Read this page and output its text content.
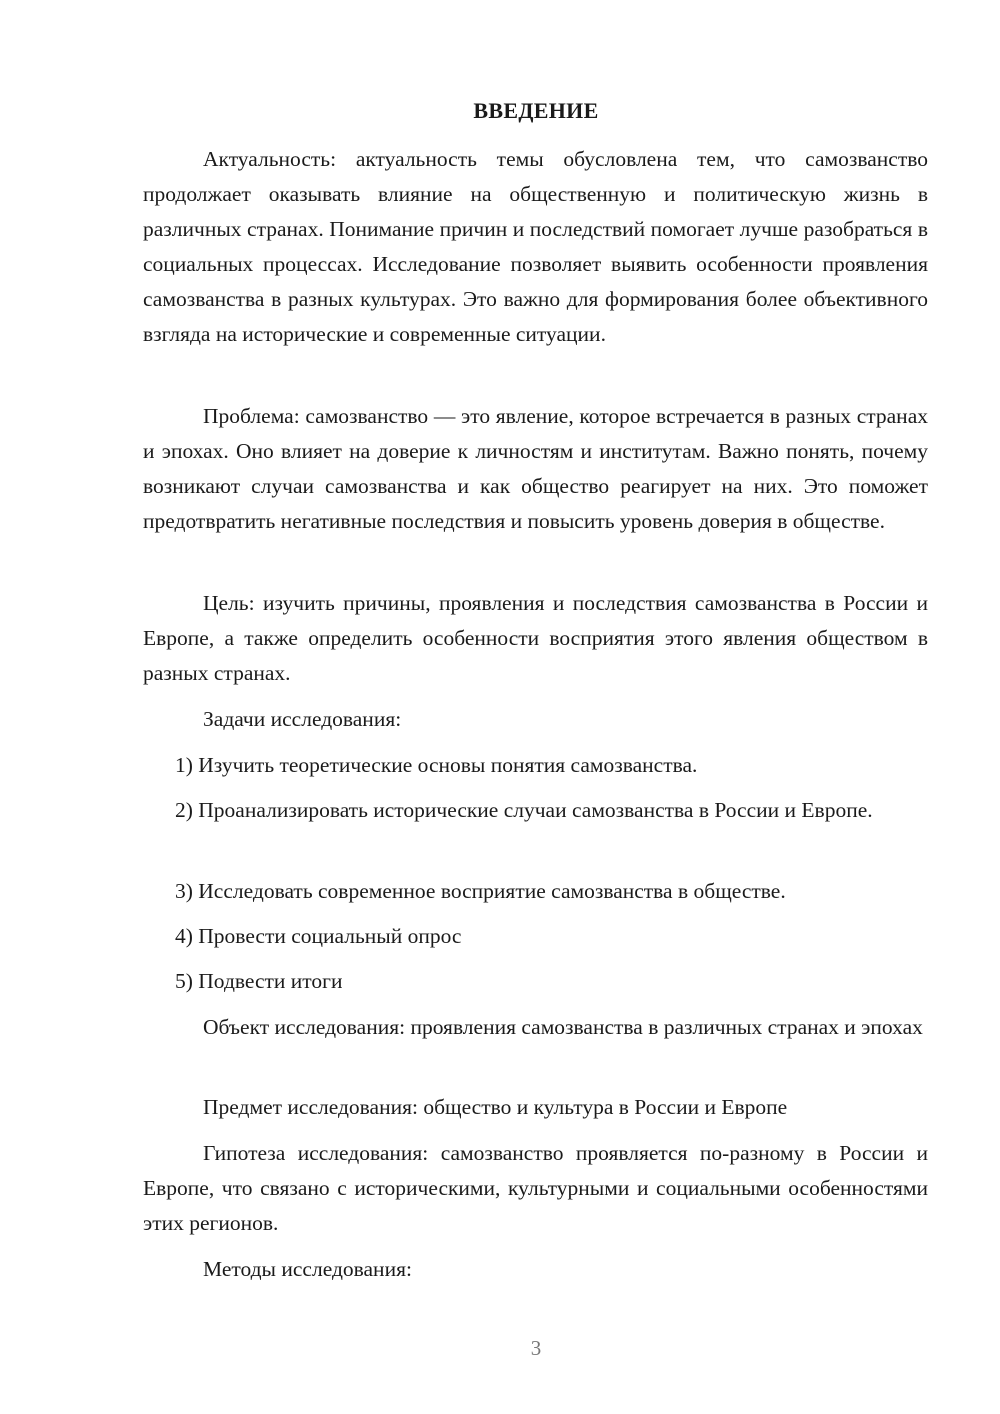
ВВЕДЕНИЕ

Актуальность: актуальность темы обусловлена тем, что самозванство продолжает оказывать влияние на общественную и политическую жизнь в различных странах. Понимание причин и последствий помогает лучше разобраться в социальных процессах. Исследование позволяет выявить особенности проявления самозванства в разных культурах. Это важно для формирования более объективного взгляда на исторические и современные ситуации.

Проблема: самозванство — это явление, которое встречается в разных странах и эпохах. Оно влияет на доверие к личностям и институтам. Важно понять, почему возникают случаи самозванства и как общество реагирует на них. Это поможет предотвратить негативные последствия и повысить уровень доверия в обществе.

Цель: изучить причины, проявления и последствия самозванства в России и Европе, а также определить особенности восприятия этого явления обществом в разных странах.

Задачи исследования:

1) Изучить теоретические основы понятия самозванства.

2) Проанализировать исторические случаи самозванства в России и Европе.

3) Исследовать современное восприятие самозванства в обществе.

4) Провести социальный опрос

5) Подвести итоги

Объект исследования: проявления самозванства в различных странах и эпохах

Предмет исследования: общество и культура в России и Европе

Гипотеза исследования: самозванство проявляется по-разному в России и Европе, что связано с историческими, культурными и социальными особенностями этих регионов.

Методы исследования:

3
